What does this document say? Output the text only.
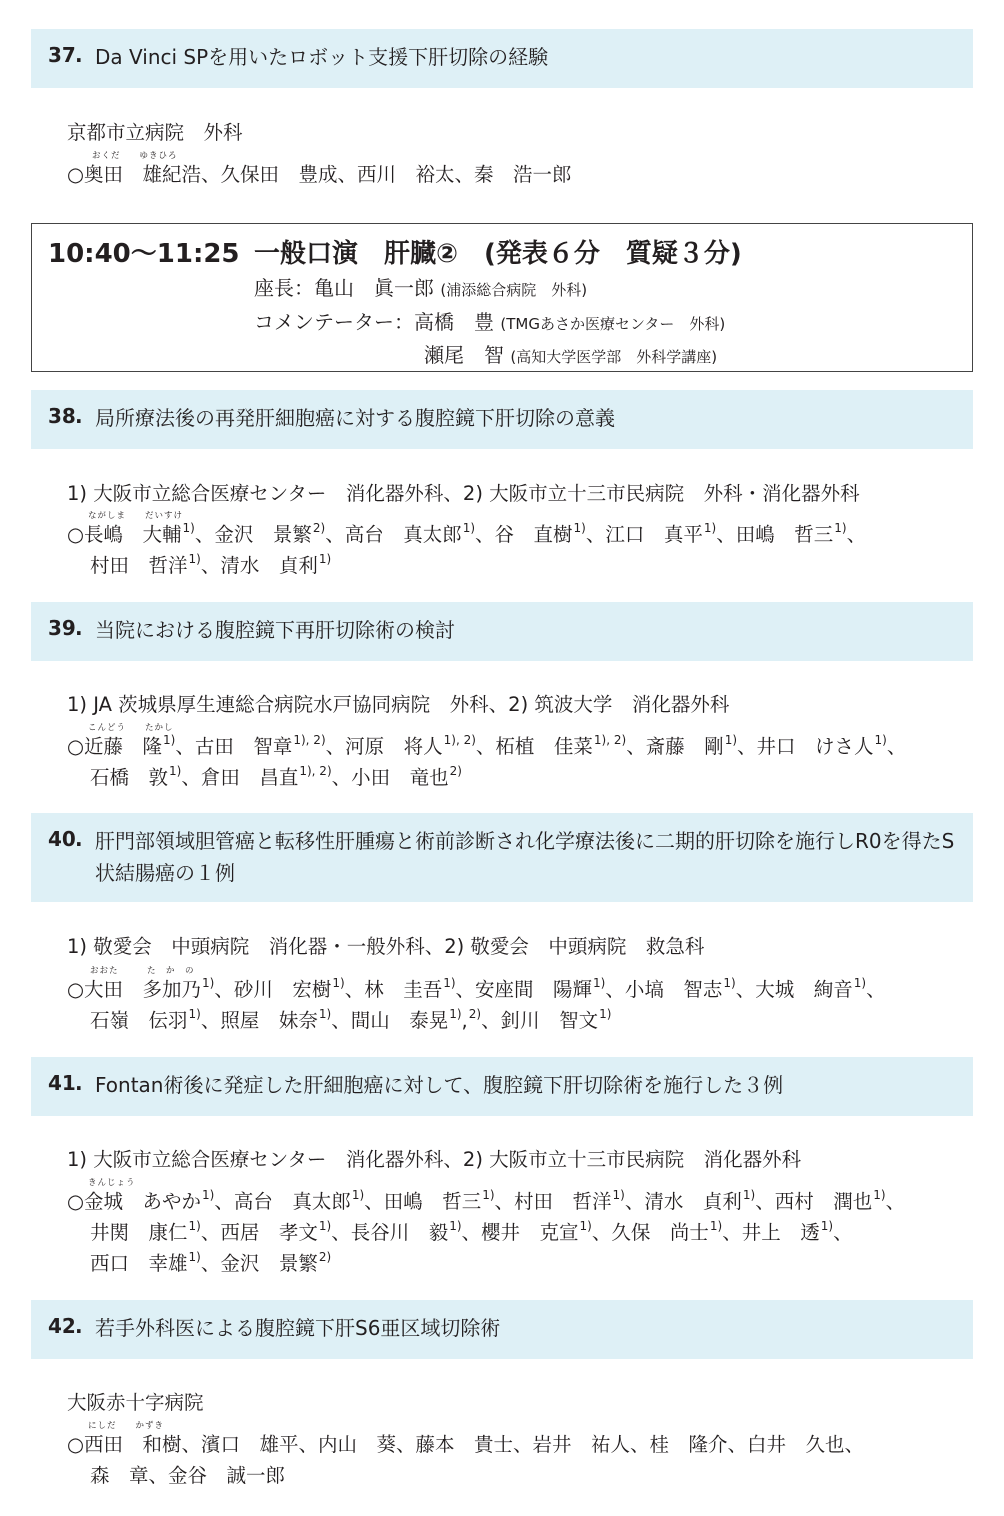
37 . Da Vinci SPを用いたロボット支援下肝切除の経験
京都市立病院　外科
おくだ　　ゆきひろ
○奥田　雄紀浩、久保田　豊成、西川　裕太、秦　浩一郎
10:40～11:25 一般口演　肝臓②　(発表６分　質疑３分)
座長：亀山　眞一郎 (浦添総合病院　外科)
コメンテーター：高橋　豊 (TMGあさか医療センター　外科)
瀬尾　智 (高知大学医学部　外科学講座)
38 . 局所療法後の再発肝細胞癌に対する腹腔鏡下肝切除の意義
1) 大阪市立総合医療センター　消化器外科、2) 大阪市立十三市民病院　外科・消化器外科
ながしま　　だいすけ
○長嶋　大輔$^{1)}$、金沢　景繁$^{2)}$、高台　真太郎$^{1)}$、谷　直樹$^{1)}$、江口　真平$^{1)}$、田嶋　哲三$^{1)}$、
村田　哲洋$^{1)}$、清水　貞利$^{1)}$
39 . 当院における腹腔鏡下再肝切除術の検討
1) JA 茨城県厚生連総合病院水戸協同病院　外科、2) 筑波大学　消化器外科
こんどう　　たかし
○近藤　隆$^{1)}$、古田　智章$^{1), 2)}$、河原　将人$^{1), 2)}$、柘植　佳菜$^{1), 2)}$、斎藤　剛$^{1)}$、井口　けさ人$^{1)}$、
石橋　敦$^{1)}$、倉田　昌直$^{1), 2)}$、小田　竜也$^{2)}$
40 . 肝門部領域胆管癌と転移性肝腫瘍と術前診断され化学療法後に二期的肝切除を施行しR0を得たS状結腸癌の１例
1) 敬愛会　中頭病院　消化器・一般外科、2) 敬愛会　中頭病院　救急科
おおた　　　た　か　の
○大田　多加乃$^{1)}$、砂川　宏樹$^{1)}$、林　圭吾$^{1)}$、安座間　陽輝$^{1)}$、小塙　智志$^{1)}$、大城　絢音$^{1)}$、
石嶺　伝羽$^{1)}$、照屋　妹奈$^{1)}$、間山　泰晃$^{1)}$,$^{2)}$、釗川　智文$^{1)}$
41 . Fontan術後に発症した肝細胞癌に対して、腹腔鏡下肝切除術を施行した３例
1) 大阪市立総合医療センター　消化器外科、2) 大阪市立十三市民病院　消化器外科
きんじょう
○金城　あやか$^{1)}$、高台　真太郎$^{1)}$、田嶋　哲三$^{1)}$、村田　哲洋$^{1)}$、清水　貞利$^{1)}$、西村　潤也$^{1)}$、
井関　康仁$^{1)}$、西居　孝文$^{1)}$、長谷川　毅$^{1)}$、櫻井　克宣$^{1)}$、久保　尚士$^{1)}$、井上　透$^{1)}$、
西口　幸雄$^{1)}$、金沢　景繁$^{2)}$
42 . 若手外科医による腹腔鏡下肝S6亜区域切除術
大阪赤十字病院
にしだ　　かずき
○西田　和樹、濱口　雄平、内山　葵、藤本　貴士、岩井　祐人、桂　隆介、白井　久也、
森　章、金谷　誠一郎
